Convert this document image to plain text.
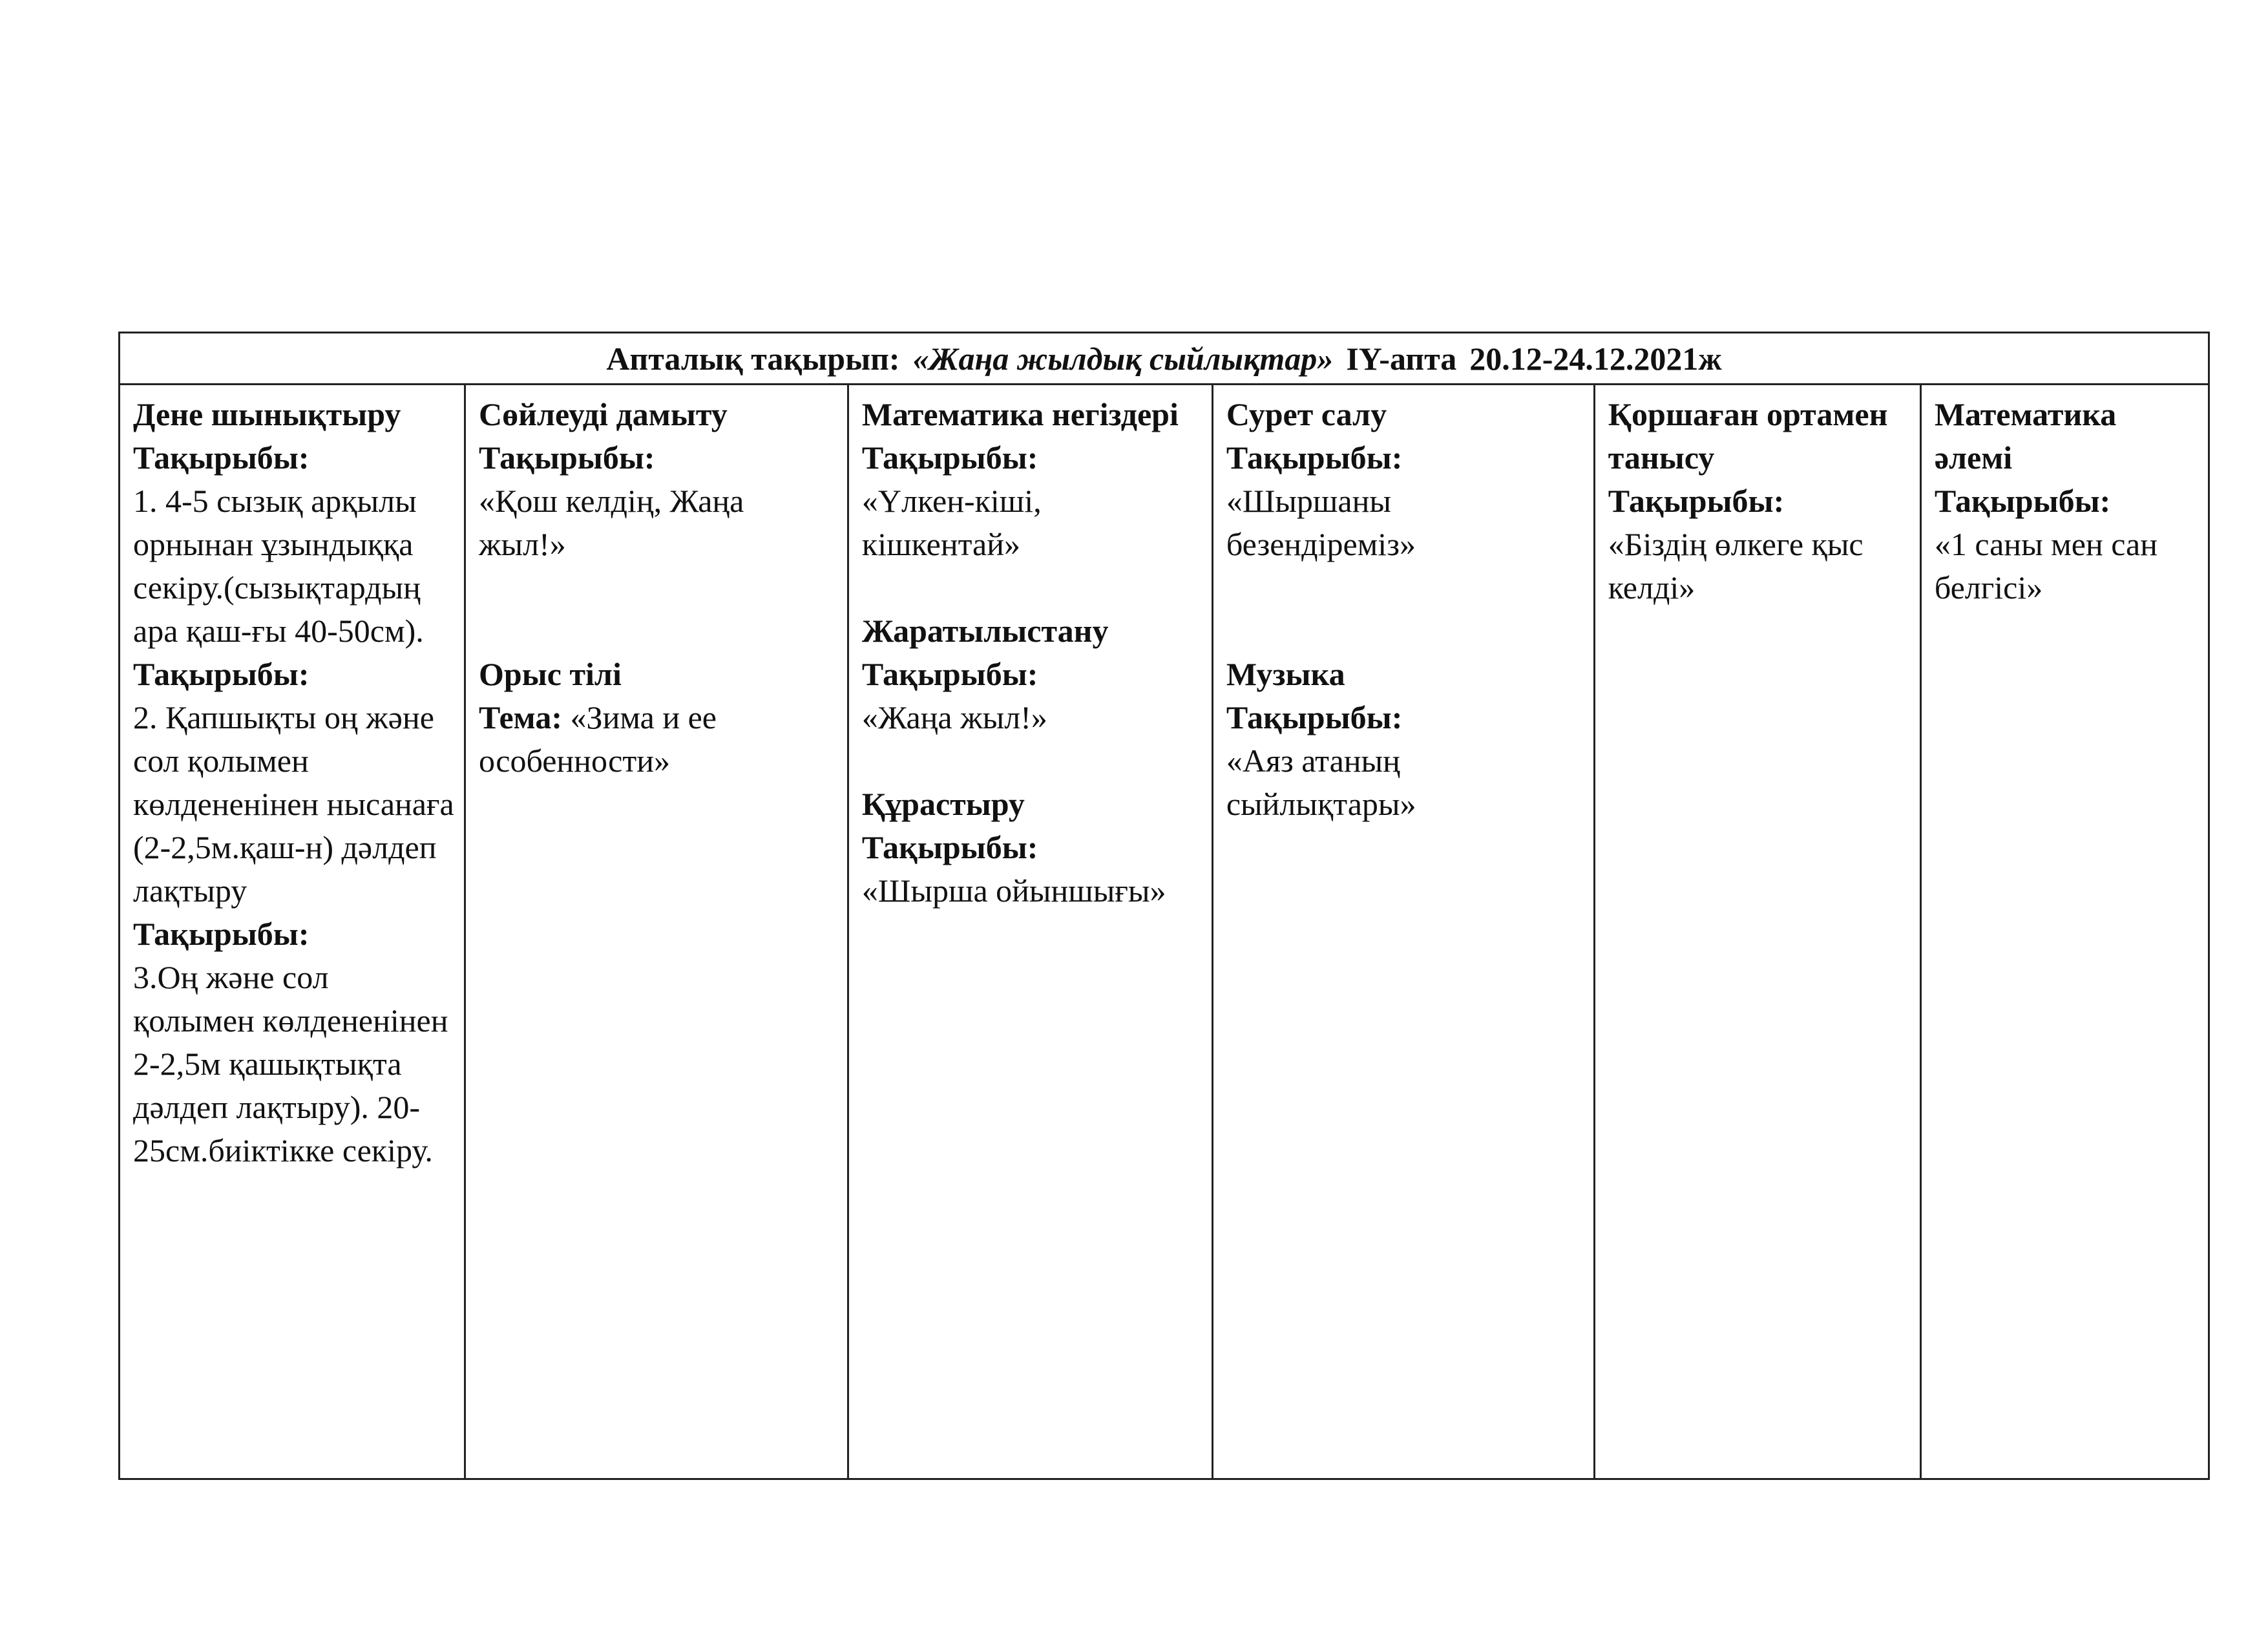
Апталық тақырып: «Жаңа жылдық сыйлықтар» IY-апта 20.12-24.12.2021ж
Дене шынықтыру
Тақырыбы:
1. 4-5 сызық арқылы орнынан ұзындыққа секіру.(сызықтардың ара қаш-ғы 40-50см).
Тақырыбы:
2. Қапшықты оң және сол қолымен көлдененінен нысанаға (2-2,5м.қаш-н) дәлдеп лақтыру
Тақырыбы:
3.Оң және сол қолымен көлдененінен 2-2,5м қашықтықта дәлдеп лақтыру). 20-25см.биіктікке секіру.
Сөйлеуді дамыту
Тақырыбы:
«Қош келдің, Жаңа жыл!»
Орыс тілі
Тема: «Зима и ее особенности»
Математика негіздері
Тақырыбы:
«Үлкен-кіші, кішкентай»
Жаратылыстану
Тақырыбы:
«Жаңа жыл!»
Құрастыру
Тақырыбы:
«Шырша ойыншығы»
Сурет салу
Тақырыбы:
«Шыршаны безендіреміз»
Музыка
Тақырыбы:
«Аяз атаның сыйлықтары»
Қоршаған ортамен танысу
Тақырыбы:
«Біздің өлкеге қыс келді»
Математика әлемі
Тақырыбы:
«1 саны мен сан белгісі»
